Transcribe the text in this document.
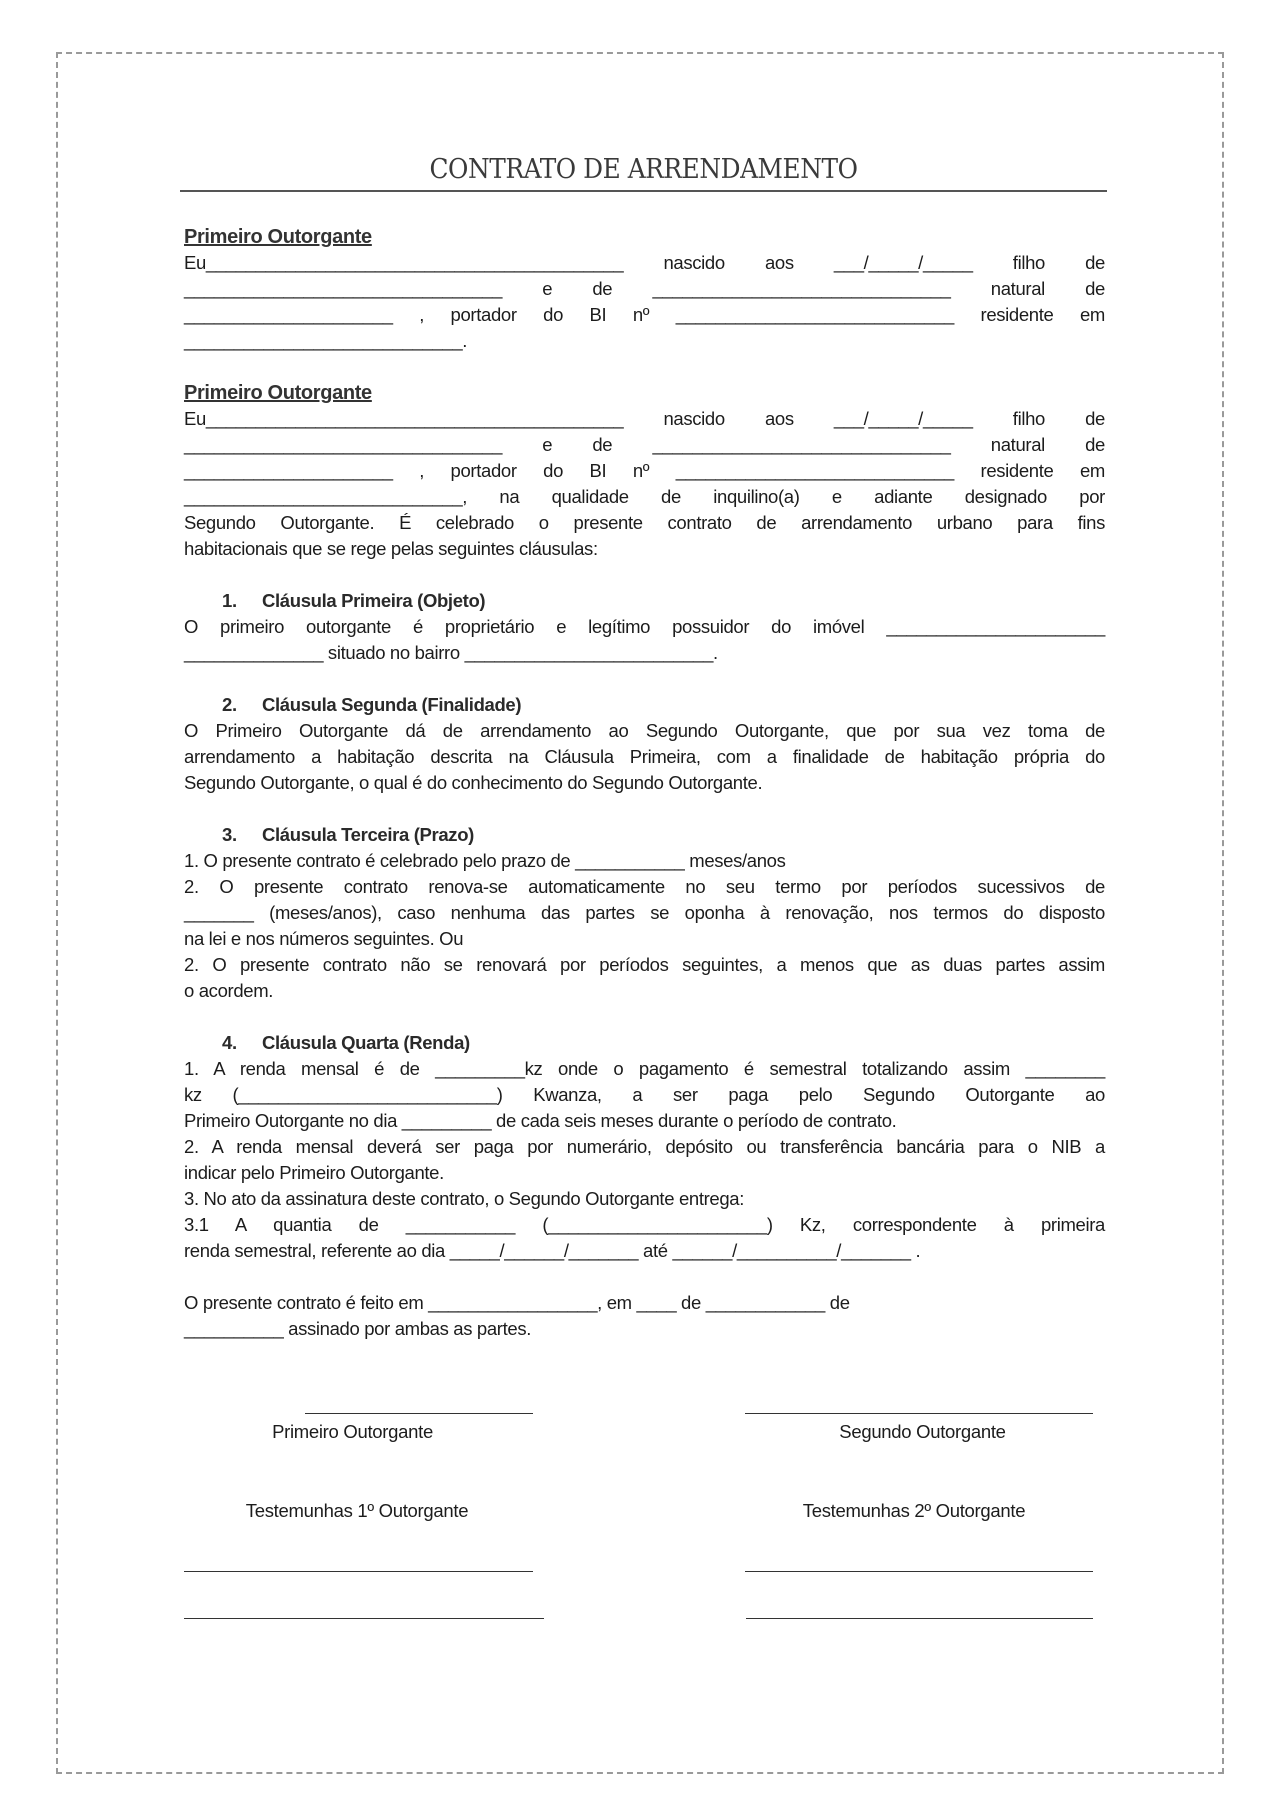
CONTRATO DE ARRENDAMENTO
Primeiro Outorgante
Eu__________________________________________ nascido aos ___/_____/_____ filho de
________________________________ e de ______________________________ natural de
_____________________ , portador do BI nº ____________________________ residente em
____________________________.
Primeiro Outorgante
Eu__________________________________________ nascido aos ___/_____/_____ filho de
________________________________ e de ______________________________ natural de
_____________________ , portador do BI nº ____________________________ residente em
____________________________, na qualidade de inquilino(a) e adiante designado por
Segundo Outorgante. É celebrado o presente contrato de arrendamento urbano para fins
habitacionais que se rege pelas seguintes cláusulas:
1. Cláusula Primeira (Objeto)
O primeiro outorgante é proprietário e legítimo possuidor do imóvel ______________________
______________ situado no bairro _________________________.
2. Cláusula Segunda (Finalidade)
O Primeiro Outorgante dá de arrendamento ao Segundo Outorgante, que por sua vez toma de
arrendamento a habitação descrita na Cláusula Primeira, com a finalidade de habitação própria do
Segundo Outorgante, o qual é do conhecimento do Segundo Outorgante.
3. Cláusula Terceira (Prazo)
1. O presente contrato é celebrado pelo prazo de ___________ meses/anos
2. O presente contrato renova-se automaticamente no seu termo por períodos sucessivos de
_______ (meses/anos), caso nenhuma das partes se oponha à renovação, nos termos do disposto
na lei e nos números seguintes. Ou
2. O presente contrato não se renovará por períodos seguintes, a menos que as duas partes assim
o acordem.
4. Cláusula Quarta (Renda)
1. A renda mensal é de _________kz onde o pagamento é semestral totalizando assim ________
kz (__________________________) Kwanza, a ser paga pelo Segundo Outorgante ao
Primeiro Outorgante no dia _________ de cada seis meses durante o período de contrato.
2. A renda mensal deverá ser paga por numerário, depósito ou transferência bancária para o NIB a
indicar pelo Primeiro Outorgante.
3. No ato da assinatura deste contrato, o Segundo Outorgante entrega:
3.1 A quantia de ___________ (______________________) Kz, correspondente à primeira
renda semestral, referente ao dia _____/______/_______ até ______/__________/_______ .
O presente contrato é feito em _________________, em ____ de ____________ de
__________ assinado por ambas as partes.
Primeiro Outorgante	Segundo Outorgante
Testemunhas 1º Outorgante	Testemunhas 2º Outorgante
